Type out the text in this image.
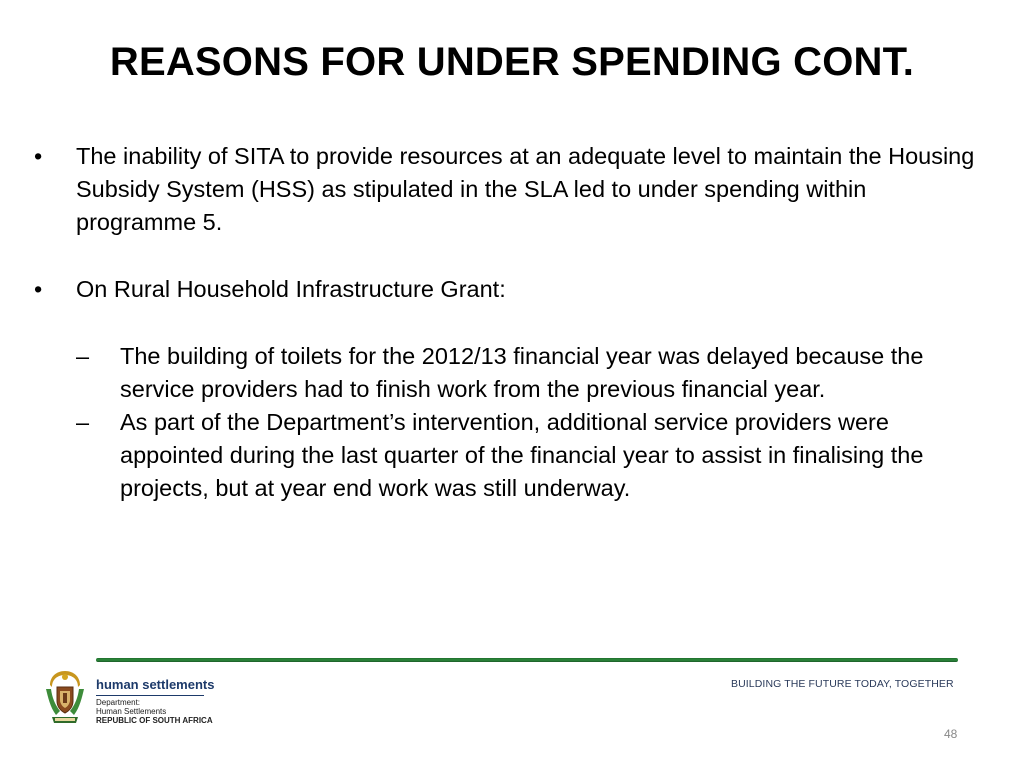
REASONS FOR UNDER SPENDING CONT.
•	The inability of SITA to provide resources at an adequate level to maintain the Housing Subsidy System (HSS) as stipulated in the SLA led to under spending within programme 5.
•	On Rural Household Infrastructure Grant:
–	The building of toilets for the 2012/13 financial year was delayed because the service providers had to finish work from the previous financial year.
–	As part of the Department’s intervention, additional service providers were appointed during the last quarter of the financial year to assist in finalising the projects, but at year end work was still underway.
human settlements
Department:
Human Settlements
REPUBLIC OF SOUTH AFRICA
BUILDING THE FUTURE TODAY, TOGETHER
48
